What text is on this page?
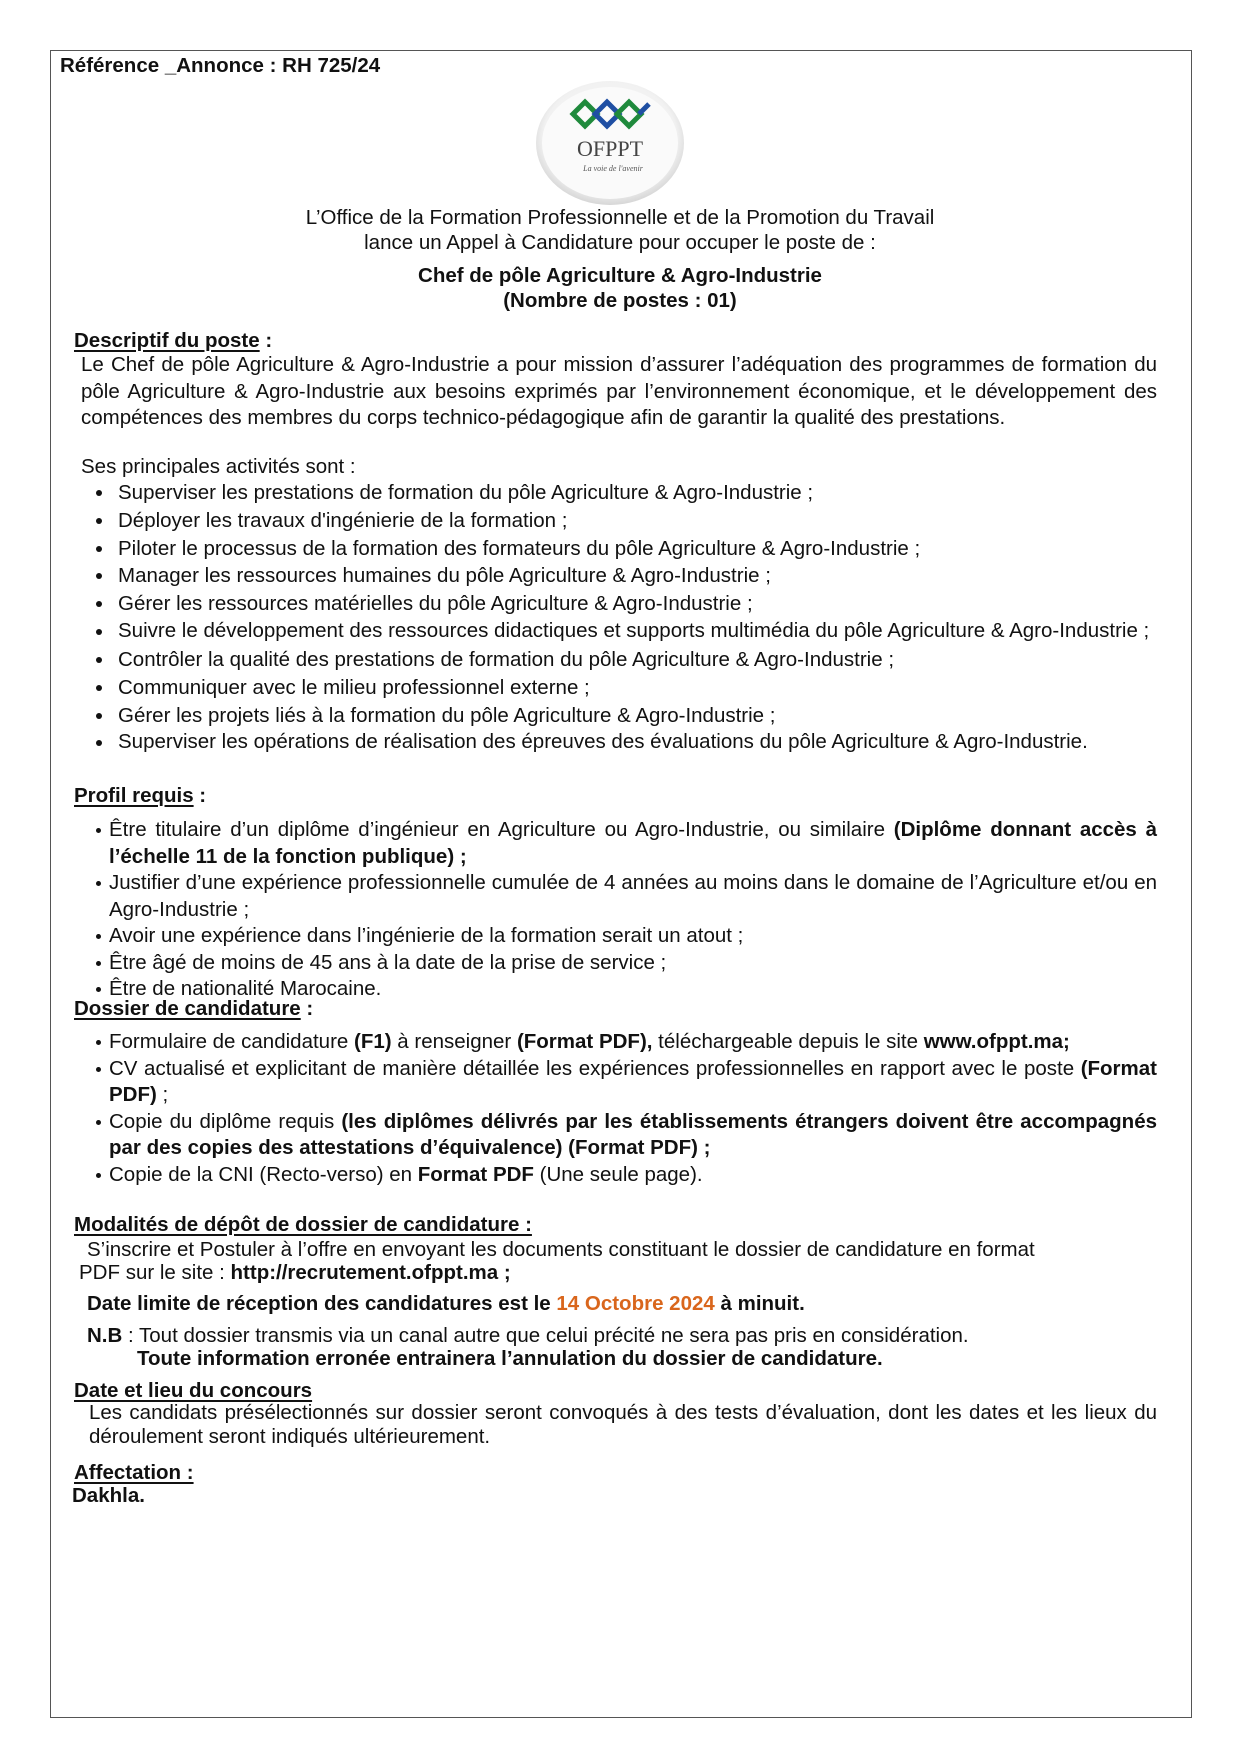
Référence _Annonce : RH 725/24
OFPPT
La voie de l'avenir
L’Office de la Formation Professionnelle et de la Promotion du Travail
lance un Appel à Candidature pour occuper le poste de :
Chef de pôle Agriculture & Agro-Industrie
(Nombre de postes : 01)
Descriptif du poste :
Le Chef de pôle Agriculture & Agro-Industrie a pour mission d’assurer l’adéquation des programmes de formation du pôle Agriculture & Agro-Industrie aux besoins exprimés par l’environnement économique, et le développement des compétences des membres du corps technico-pédagogique afin de garantir la qualité des prestations.
Ses principales activités sont :
Superviser les prestations de formation du pôle Agriculture & Agro-Industrie ;
Déployer les travaux d'ingénierie de la formation ;
Piloter le processus de la formation des formateurs du pôle Agriculture & Agro-Industrie ;
Manager les ressources humaines du pôle Agriculture & Agro-Industrie ;
Gérer les ressources matérielles du pôle Agriculture & Agro-Industrie ;
Suivre le développement des ressources didactiques et supports multimédia du pôle Agriculture & Agro-Industrie ;
Contrôler la qualité des prestations de formation du pôle Agriculture & Agro-Industrie ;
Communiquer avec le milieu professionnel externe ;
Gérer les projets liés à la formation du pôle Agriculture & Agro-Industrie ;
Superviser les opérations de réalisation des épreuves des évaluations du pôle Agriculture & Agro-Industrie.
Profil requis :
Être titulaire d’un diplôme d’ingénieur en Agriculture ou Agro-Industrie, ou similaire (Diplôme donnant accès à l’échelle 11 de la fonction publique) ;
Justifier d’une expérience professionnelle cumulée de 4 années au moins dans le domaine de l’Agriculture et/ou en Agro-Industrie ;
Avoir une expérience dans l’ingénierie de la formation serait un atout ;
Être âgé de moins de 45 ans à la date de la prise de service ;
Être de nationalité Marocaine.
Dossier de candidature :
Formulaire de candidature (F1) à renseigner (Format PDF), téléchargeable depuis le site www.ofppt.ma;
CV actualisé et explicitant de manière détaillée les expériences professionnelles en rapport avec le poste (Format PDF) ;
Copie du diplôme requis (les diplômes délivrés par les établissements étrangers doivent être accompagnés par des copies des attestations d’équivalence) (Format PDF) ;
Copie de la CNI (Recto-verso) en Format PDF (Une seule page).
Modalités de dépôt de dossier de candidature :
S’inscrire et Postuler à l’offre en envoyant les documents constituant le dossier de candidature en format
PDF sur le site : http://recrutement.ofppt.ma ;
Date limite de réception des candidatures est le 14 Octobre 2024 à minuit.
N.B : Tout dossier transmis via un canal autre que celui précité ne sera pas pris en considération.
Toute information erronée entrainera l’annulation du dossier de candidature.
Date et lieu du concours
Les candidats présélectionnés sur dossier seront convoqués à des tests d’évaluation, dont les dates et les lieux du déroulement seront indiqués ultérieurement.
Affectation :
Dakhla.
